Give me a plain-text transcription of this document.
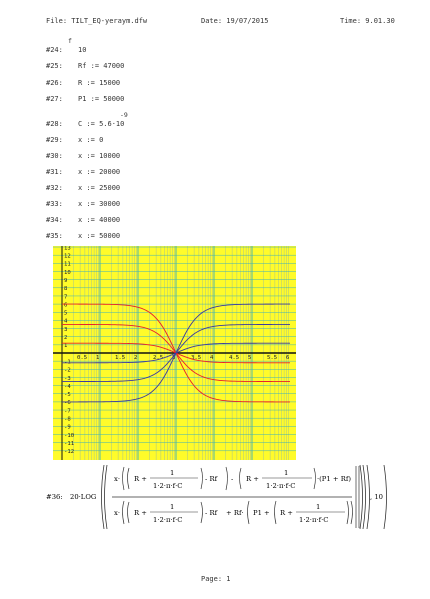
File: TILT_EQ-yeraym.dfw	Date: 19/07/2015	Time: 9.01.30
#24: 10
#25: Rf := 47000
#26: R := 15000
#27: P1 := 50000
#28: C := 5.6·10
#29: x := 0
#30: x := 10000
#31: x := 20000
#32: x := 25000
#33: x := 30000
#34: x := 40000
#35: x := 50000
13
12
11
10
9
8
7
6
5
4
3
2
1
-1
-2
-3
-4
-5
-6
-7
-8
-9
-10
-11
-12
0.5 1	1.5 2	2.5 3	3.5 4	4.5 5	5.5 6
#36: 20·LOG
x· R +
1
1·2·π·f·C
- Rf - R +
1
1·2·π·f·C
·(P1 + Rf)
x· R +
1
1·2·π·f·C
- Rf + Rf· P1 + R +
1
1·2·π·f·C
, 10
Page: 1
f
-9
